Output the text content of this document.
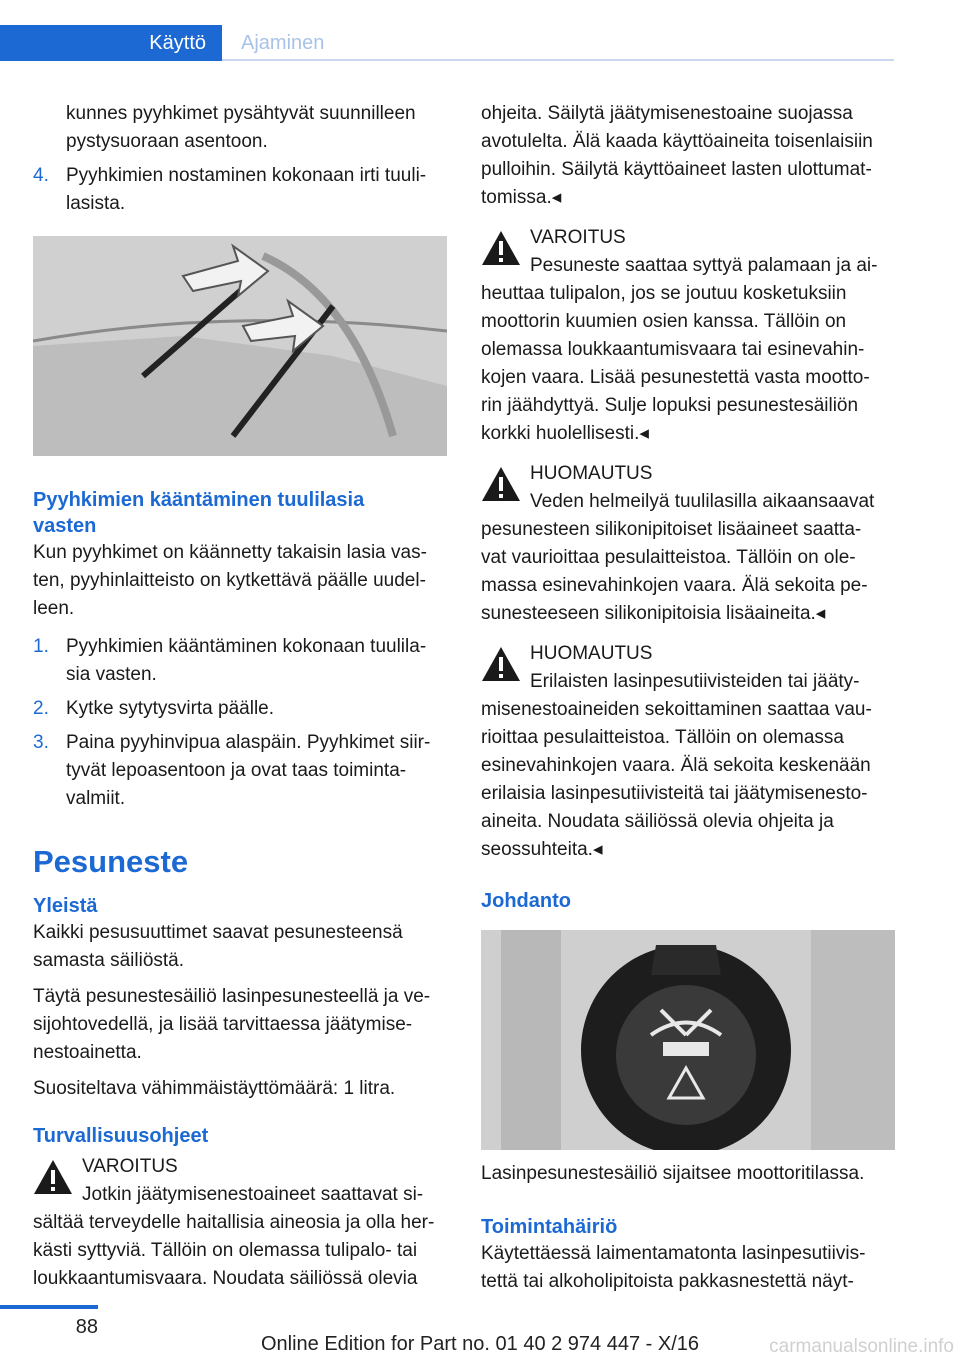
Käyttö Ajaminen

kunnes pyyhkimet pysähtyvät suunnilleen
pystysuoraan asentoon.

4. Pyyhkimien nostaminen kokonaan irti tuuli-
lasista.

Pyyhkimien kääntäminen tuulilasia
vasten

Kun pyyhkimet on käännetty takaisin lasia vas-
ten, pyyhinlaitteisto on kytkettävä päälle uudel-
leen.

1. Pyyhkimien kääntäminen kokonaan tuulila-
sia vasten.

2. Kytke sytytysvirta päälle.

3. Paina pyyhinvipua alaspäin. Pyyhkimet siir-
tyvät lepoasentoon ja ovat taas toiminta-
valmiit.

Pesuneste
Yleistä

Kaikki pesusuuttimet saavat pesunesteensä
samasta säiliöstä.

Täytä pesunestesäiliö lasinpesunesteellä ja ve-
sijohtovedellä, ja lisää tarvittaessa jäätymise-
nestoainetta.

Suositeltava vähimmäistäyttömäärä: 1 litra.

Turvallisuusohjeet

VAROITUS
Jotkin jäätymisenestoaineet saattavat si-

sältää terveydelle haitallisia aineosia ja olla her-
kästi syttyviä. Tällöin on olemassa tulipalo- tai
loukkaantumisvaara. Noudata säiliössä olevia

ohjeita. Säilytä jäätymisenestoaine suojassa
avotulelta. Älä kaada käyttöaineita toisenlaisiin
pulloihin. Säilytä käyttöaineet lasten ulottumat-
tomissa.◂

VAROITUS
Pesuneste saattaa syttyä palamaan ja ai-

heuttaa tulipalon, jos se joutuu kosketuksiin
moottorin kuumien osien kanssa. Tällöin on
olemassa loukkaantumisvaara tai esinevahin-
kojen vaara. Lisää pesunestettä vasta mootto-
rin jäähdyttyä. Sulje lopuksi pesunestesäiliön
korkki huolellisesti.◂

HUOMAUTUS
Veden helmeilyä tuulilasilla aikaansaavat

pesunesteen silikonipitoiset lisäaineet saatta-
vat vaurioittaa pesulaitteistoa. Tällöin on ole-
massa esinevahinkojen vaara. Älä sekoita pe-
sunesteeseen silikonipitoisia lisäaineita.◂

HUOMAUTUS
Erilaisten lasinpesutiivisteiden tai jääty-

misenestoaineiden sekoittaminen saattaa vau-
rioittaa pesulaitteistoa. Tällöin on olemassa
esinevahinkojen vaara. Älä sekoita keskenään
erilaisia lasinpesutiivisteitä tai jäätymisenesto-
aineita. Noudata säiliössä olevia ohjeita ja
seossuhteita.◂

Johdanto

Lasinpesunestesäiliö sijaitsee moottoritilassa.

Toimintahäiriö

Käytettäessä laimentamatonta lasinpesutiivis-
tettä tai alkoholipitoista pakkasnestettä näyt-

88
Online Edition for Part no. 01 40 2 974 447 - X/16	carmanualsonline.info
